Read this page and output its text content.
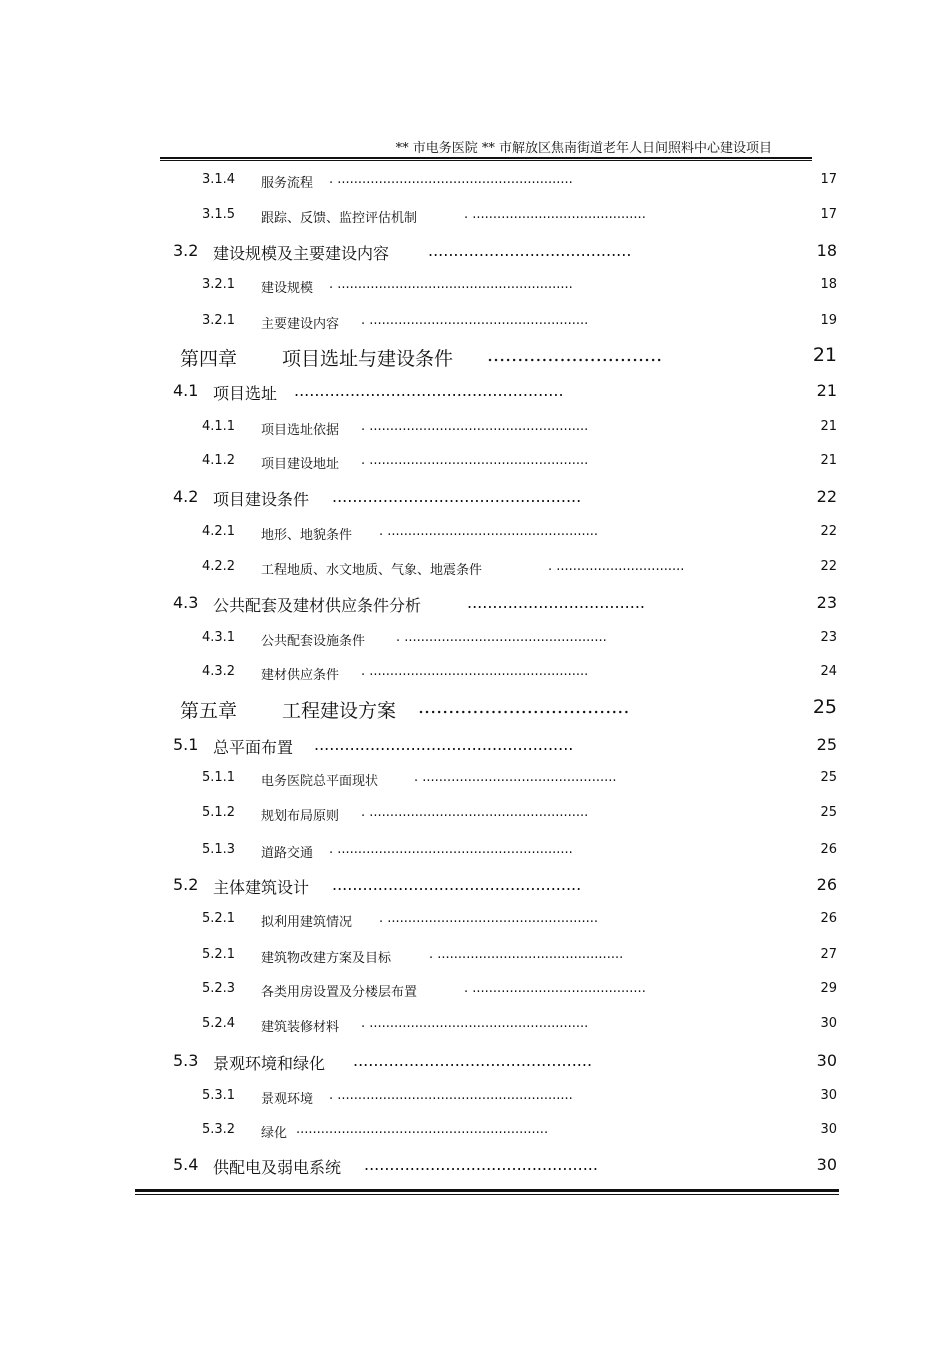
** 市电务医院 ** 市解放区焦南街道老年人日间照料中心建设项目
3.1.4 服务流程 . .........................................................	17
3.1.5 跟踪、反馈、监控评估机制	. ..........................................	17
3.2 建设规模及主要建设内容 ........................................	18
3.2.1 建设规模 . .........................................................	18
3.2.1 主要建设内容 . .....................................................	19
第四章 项目选址与建设条件 .............................	21
4.1 项目选址 .....................................................	21
4.1.1 项目选址依据 . .....................................................	21
4.1.2 项目建设地址 . .....................................................	21
4.2 项目建设条件 .................................................	22
4.2.1 地形、地貌条件 . ...................................................	22
4.2.2 工程地质、水文地质、气象、地震条件	. ...............................	22
4.3 公共配套及建材供应条件分析	...................................	23
4.3.1 公共配套设施条件 . .................................................	23
4.3.2 建材供应条件 . .....................................................	24
第五章 工程建设方案 ...................................	25
5.1 总平面布置 ...................................................	25
5.1.1 电务医院总平面现状	. ...............................................	25
5.1.2 规划布局原则 . .....................................................	25
5.1.3 道路交通 . .........................................................	26
5.2 主体建筑设计 .................................................	26
5.2.1 拟利用建筑情况 . ...................................................	26
5.2.1 建筑物改建方案及目标	. .............................................	27
5.2.3 各类用房设置及分楼层布置	. ..........................................	29
5.2.4 建筑装修材料 . .....................................................	30
5.3 景观环境和绿化 ...............................................	30
5.3.1 景观环境 . .........................................................	30
5.3.2 绿化 .............................................................	30
5.4 供配电及弱电系统 ..............................................	30
